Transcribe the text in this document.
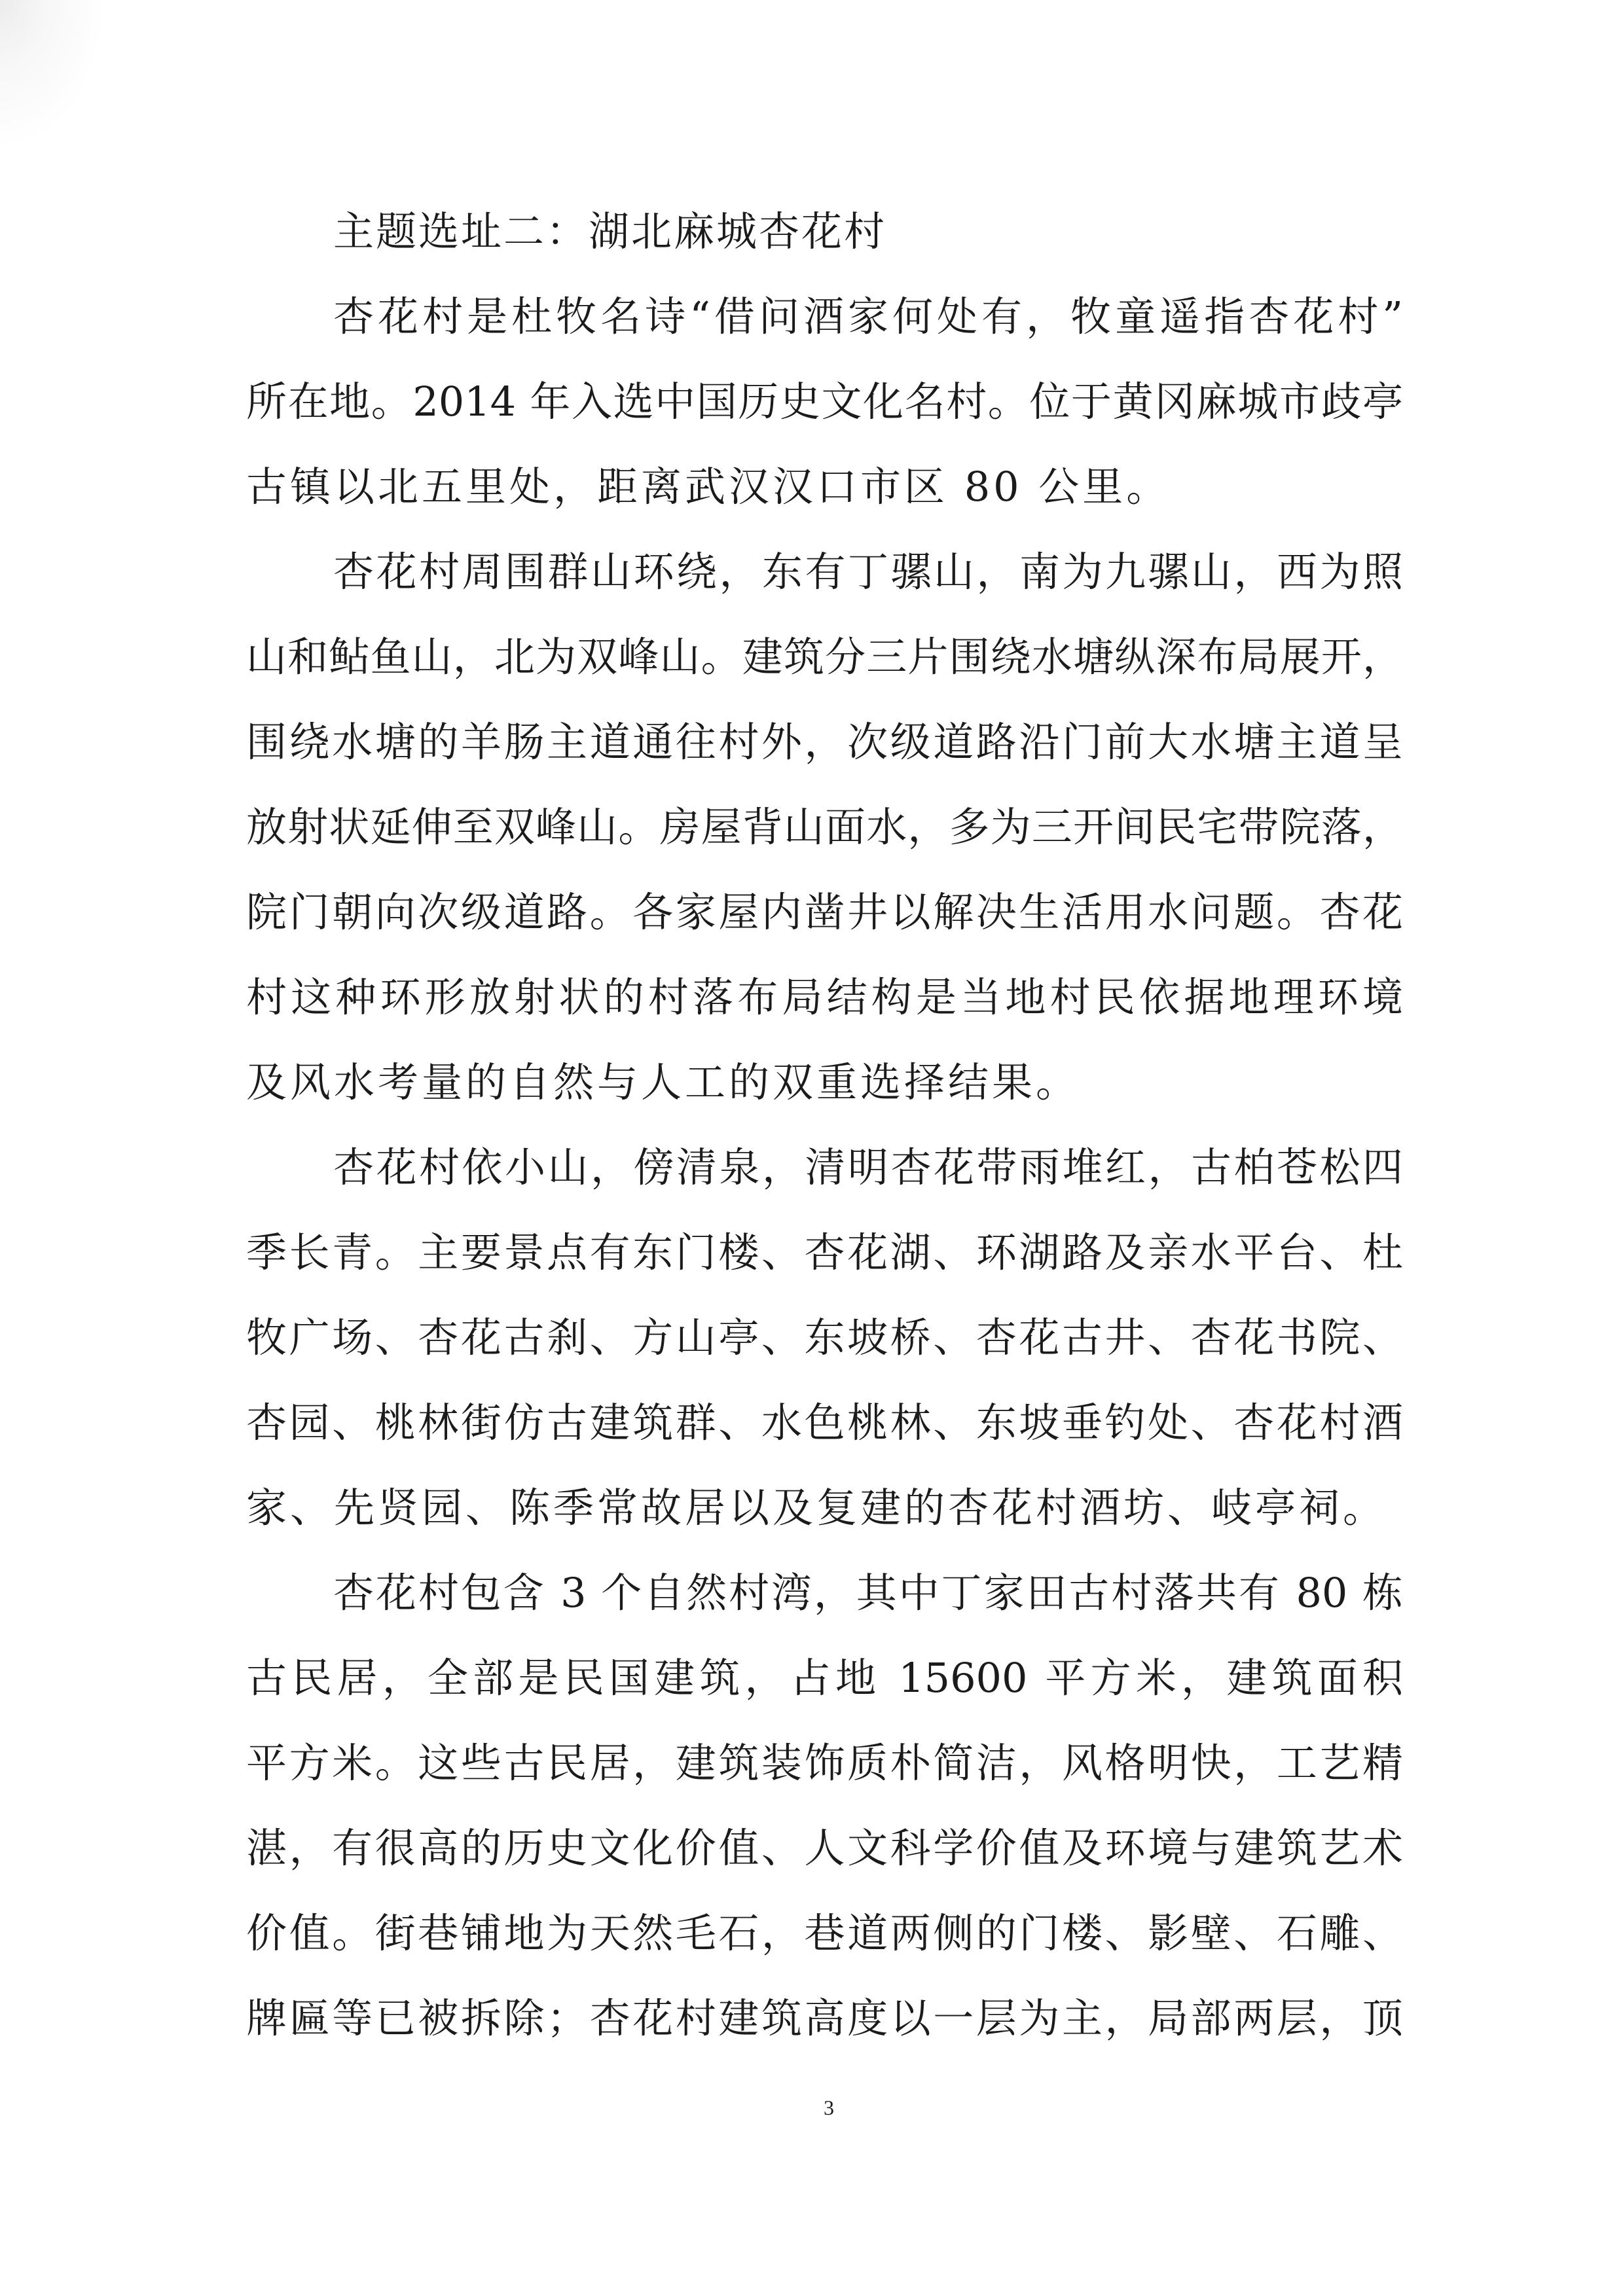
主题选址二：湖北麻城杏花村
杏花村是杜牧名诗“借问酒家何处有，牧童遥指杏花村”
所在地。2014 年入选中国历史文化名村。位于黄冈麻城市歧亭
古镇以北五里处，距离武汉汉口市区 80 公里。
杏花村周围群山环绕，东有丁骡山，南为九骡山，西为照
山和鲇鱼山，北为双峰山。建筑分三片围绕水塘纵深布局展开，
围绕水塘的羊肠主道通往村外，次级道路沿门前大水塘主道呈
放射状延伸至双峰山。房屋背山面水，多为三开间民宅带院落，
院门朝向次级道路。各家屋内凿井以解决生活用水问题。杏花
村这种环形放射状的村落布局结构是当地村民依据地理环境
及风水考量的自然与人工的双重选择结果。
杏花村依小山，傍清泉，清明杏花带雨堆红，古柏苍松四
季长青。主要景点有东门楼、杏花湖、环湖路及亲水平台、杜
牧广场、杏花古刹、方山亭、东坡桥、杏花古井、杏花书院、
杏园、桃林街仿古建筑群、水色桃林、东坡垂钓处、杏花村酒
家、先贤园、陈季常故居以及复建的杏花村酒坊、岐亭祠。
杏花村包含 3 个自然村湾，其中丁家田古村落共有 80 栋
古民居，全部是民国建筑，占地 15600 平方米，建筑面积
平方米。这些古民居，建筑装饰质朴简洁，风格明快，工艺精
湛，有很高的历史文化价值、人文科学价值及环境与建筑艺术
价值。街巷铺地为天然毛石，巷道两侧的门楼、影壁、石雕、
牌匾等已被拆除；杏花村建筑高度以一层为主，局部两层，顶
3
